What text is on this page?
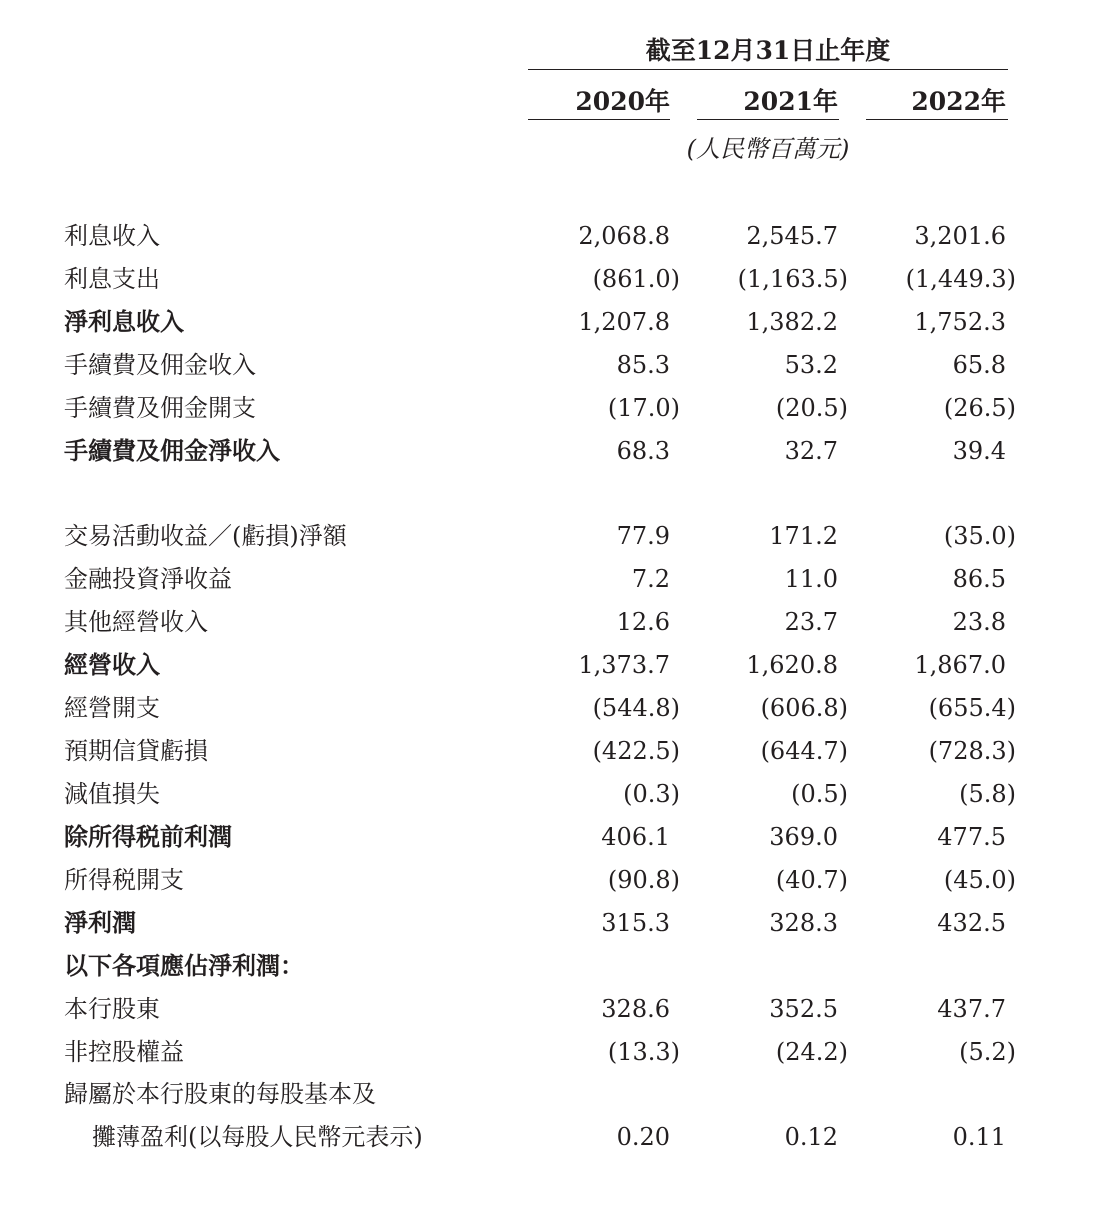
截至12月31日止年度
2020年	2021年	2022年
(人民幣百萬元)
利息收入	2,068.8	2,545.7	3,201.6
利息支出	(861.0)	(1,163.5)	(1,449.3)
淨利息收入	1,207.8	1,382.2	1,752.3
手續費及佣金收入	85.3	53.2	65.8
手續費及佣金開支	(17.0)	(20.5)	(26.5)
手續費及佣金淨收入	68.3	32.7	39.4
交易活動收益／(虧損)淨額	77.9	171.2	(35.0)
金融投資淨收益	7.2	11.0	86.5
其他經營收入	12.6	23.7	23.8
經營收入	1,373.7	1,620.8	1,867.0
經營開支	(544.8)	(606.8)	(655.4)
預期信貸虧損	(422.5)	(644.7)	(728.3)
減值損失	(0.3)	(0.5)	(5.8)
除所得税前利潤	406.1	369.0	477.5
所得税開支	(90.8)	(40.7)	(45.0)
淨利潤	315.3	328.3	432.5
以下各項應佔淨利潤：
本行股東	328.6	352.5	437.7
非控股權益	(13.3)	(24.2)	(5.2)
歸屬於本行股東的每股基本及
攤薄盈利(以每股人民幣元表示)	0.20	0.12	0.11
